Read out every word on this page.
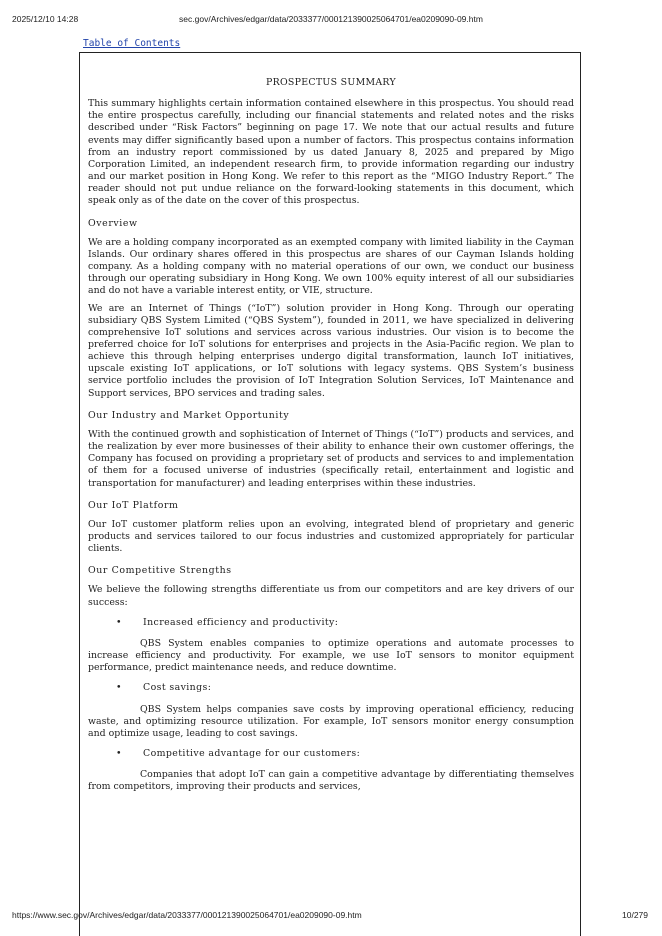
2025/12/10 14:28	sec.gov/Archives/edgar/data/2033377/000121390025064701/ea0209090-09.htm
Table of Contents

PROSPECTUS SUMMARY

This summary highlights certain information contained elsewhere in this prospectus. You should read the entire prospectus carefully, including our financial statements and related notes and the risks described under “Risk Factors” beginning on page 17. We note that our actual results and future events may differ significantly based upon a number of factors. This prospectus contains information from an industry report commissioned by us dated January 8, 2025 and prepared by Migo Corporation Limited, an independent research firm, to provide information regarding our industry and our market position in Hong Kong. We refer to this report as the “MIGO Industry Report.” The reader should not put undue reliance on the forward-looking statements in this document, which speak only as of the date on the cover of this prospectus.

Overview

We are a holding company incorporated as an exempted company with limited liability in the Cayman Islands. Our ordinary shares offered in this prospectus are shares of our Cayman Islands holding company. As a holding company with no material operations of our own, we conduct our business through our operating subsidiary in Hong Kong. We own 100% equity interest of all our subsidiaries and do not have a variable interest entity, or VIE, structure.

We are an Internet of Things (“IoT”) solution provider in Hong Kong. Through our operating subsidiary QBS System Limited (“QBS System”), founded in 2011, we have specialized in delivering comprehensive IoT solutions and services across various industries. Our vision is to become the preferred choice for IoT solutions for enterprises and projects in the Asia-Pacific region. We plan to achieve this through helping enterprises undergo digital transformation, launch IoT initiatives, upscale existing IoT applications, or IoT solutions with legacy systems. QBS System’s business service portfolio includes the provision of IoT Integration Solution Services, IoT Maintenance and Support services, BPO services and trading sales.

Our Industry and Market Opportunity

With the continued growth and sophistication of Internet of Things (“IoT”) products and services, and the realization by ever more businesses of their ability to enhance their own customer offerings, the Company has focused on providing a proprietary set of products and services to and implementation of them for a focused universe of industries (specifically retail, entertainment and logistic and transportation for manufacturer) and leading enterprises within these industries.

Our IoT Platform

Our IoT customer platform relies upon an evolving, integrated blend of proprietary and generic products and services tailored to our focus industries and customized appropriately for particular clients.

Our Competitive Strengths

We believe the following strengths differentiate us from our competitors and are key drivers of our success:

• Increased efficiency and productivity:

QBS System enables companies to optimize operations and automate processes to increase efficiency and productivity. For example, we use IoT sensors to monitor equipment performance, predict maintenance needs, and reduce downtime.

• Cost savings:

QBS System helps companies save costs by improving operational efficiency, reducing waste, and optimizing resource utilization. For example, IoT sensors monitor energy consumption and optimize usage, leading to cost savings.

• Competitive advantage for our customers:

Companies that adopt IoT can gain a competitive advantage by differentiating themselves from competitors, improving their products and services,

https://www.sec.gov/Archives/edgar/data/2033377/000121390025064701/ea0209090-09.htm	10/279
